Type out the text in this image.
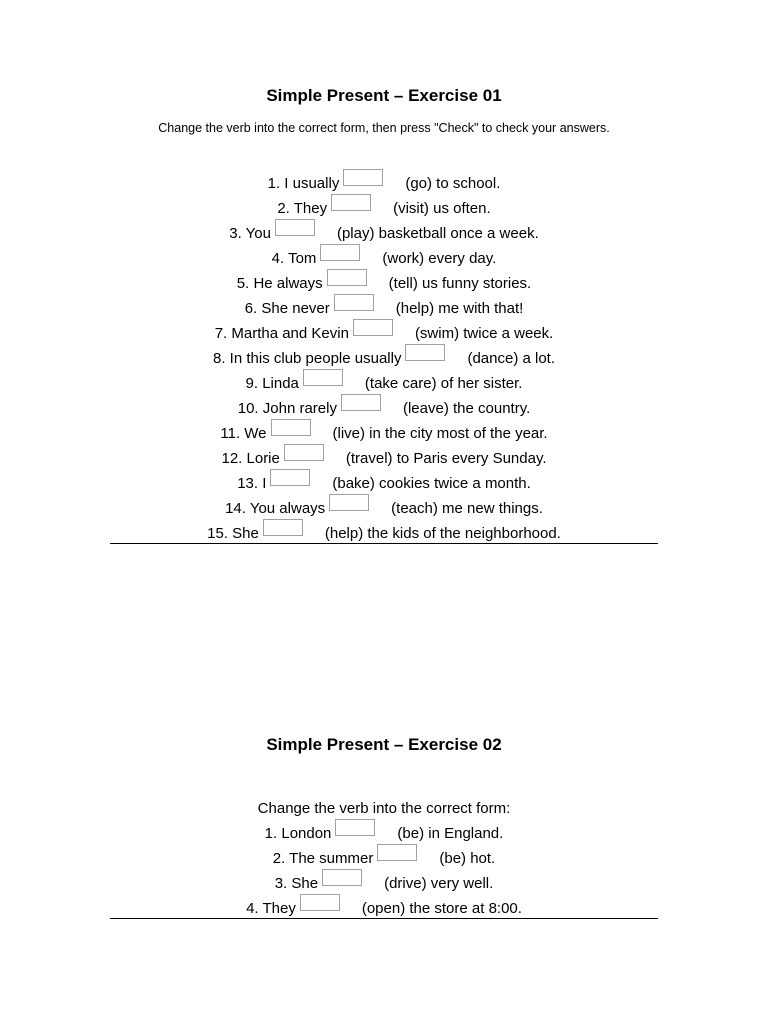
Simple Present – Exercise 01
Change the verb into the correct form, then press "Check" to check your answers.
1. I usually	(go) to school.
2. They	(visit) us often.
3. You	(play) basketball once a week.
4. Tom	(work) every day.
5. He always	(tell) us funny stories.
6. She never	(help) me with that!
7. Martha and Kevin	(swim) twice a week.
8. In this club people usually	(dance) a lot.
9. Linda	(take care) of her sister.
10. John rarely	(leave) the country.
11. We	(live) in the city most of the year.
12. Lorie	(travel) to Paris every Sunday.
13. I	(bake) cookies twice a month.
14. You always	(teach) me new things.
15. She	(help) the kids of the neighborhood.
Simple Present – Exercise 02
Change the verb into the correct form:
1. London	(be) in England.
2. The summer	(be) hot.
3. She	(drive) very well.
4. They	(open) the store at 8:00.
